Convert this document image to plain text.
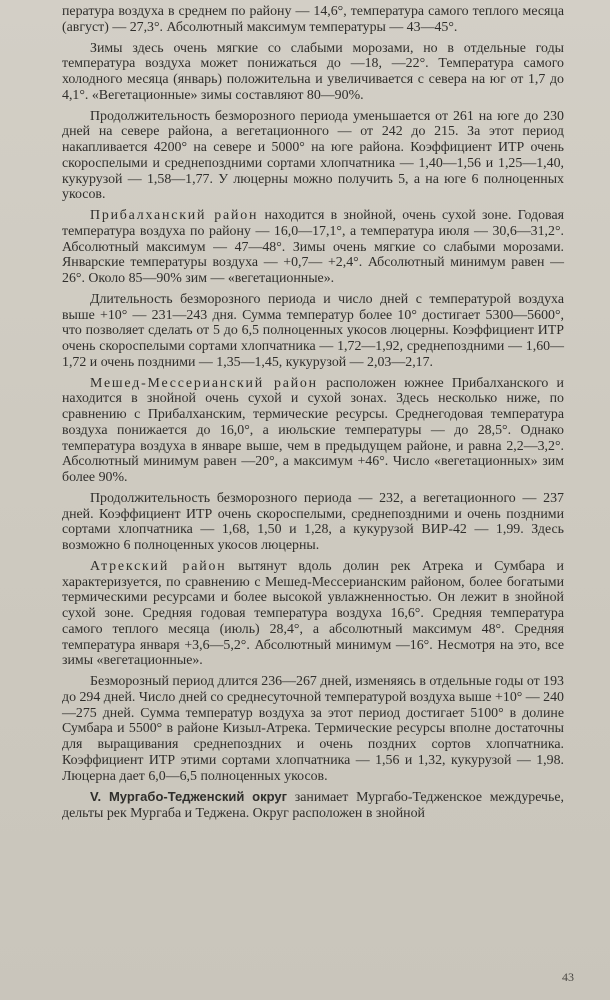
пература воздуха в среднем по району — 14,6°, температура самого теплого месяца (август) — 27,3°. Абсолютный максимум температуры — 43—45°.

Зимы здесь очень мягкие со слабыми морозами, но в отдельные годы температура воздуха может понижаться до —18, —22°. Температура самого холодного месяца (январь) положительна и увеличивается с севера на юг от 1,7 до 4,1°. «Вегетационные» зимы составляют 80—90%.

Продолжительность безморозного периода уменьшается от 261 на юге до 230 дней на севере района, а вегетационного — от 242 до 215. За этот период накапливается 4200° на севере и 5000° на юге района. Коэффициент ИТР очень скороспелыми и среднепоздними сортами хлопчатника — 1,40—1,56 и 1,25—1,40, кукурузой — 1,58—1,77. У люцерны можно получить 5, а на юге 6 полноценных укосов.

Прибалханский район находится в знойной, очень сухой зоне. Годовая температура воздуха по району — 16,0—17,1°, а температура июля — 30,6—31,2°. Абсолютный максимум — 47—48°. Зимы очень мягкие со слабыми морозами. Январские температуры воздуха — +0,7— +2,4°. Абсолютный минимум равен — 26°. Около 85—90% зим — «вегетационные».

Длительность безморозного периода и число дней с температурой воздуха выше +10° — 231—243 дня. Сумма температур более 10° достигает 5300—5600°, что позволяет сделать от 5 до 6,5 полноценных укосов люцерны. Коэффициент ИТР очень скороспелыми сортами хлопчатника — 1,72—1,92, среднепоздними — 1,60—1,72 и очень поздними — 1,35—1,45, кукурузой — 2,03—2,17.

Мешед-Мессерианский район расположен южнее Прибалханского и находится в знойной очень сухой и сухой зонах. Здесь несколько ниже, по сравнению с Прибалханским, термические ресурсы. Среднегодовая температура воздуха понижается до 16,0°, а июльские температуры — до 28,5°. Однако температура воздуха в январе выше, чем в предыдущем районе, и равна 2,2—3,2°. Абсолютный минимум равен —20°, а максимум +46°. Число «вегетационных» зим более 90%.

Продолжительность безморозного периода — 232, а вегетационного — 237 дней. Коэффициент ИТР очень скороспелыми, среднепоздними и очень поздними сортами хлопчатника — 1,68, 1,50 и 1,28, а кукурузой ВИР-42 — 1,99. Здесь возможно 6 полноценных укосов люцерны.

Атрекский район вытянут вдоль долин рек Атрека и Сумбара и характеризуется, по сравнению с Мешед-Мессерианским районом, более богатыми термическими ресурсами и более высокой увлажненностью. Он лежит в знойной сухой зоне. Средняя годовая температура воздуха 16,6°. Средняя температура самого теплого месяца (июль) 28,4°, а абсолютный максимум 48°. Средняя температура января +3,6—5,2°. Абсолютный минимум —16°. Несмотря на это, все зимы «вегетационные».

Безморозный период длится 236—267 дней, изменяясь в отдельные годы от 193 до 294 дней. Число дней со среднесуточной температурой воздуха выше +10° — 240—275 дней. Сумма температур воздуха за этот период достигает 5100° в долине Сумбара и 5500° в районе Кизыл-Атрека. Термические ресурсы вполне достаточны для выращивания среднепоздних и очень поздних сортов хлопчатника. Коэффициент ИТР этими сортами хлопчатника — 1,56 и 1,32, кукурузой — 1,98. Люцерна дает 6,0—6,5 полноценных укосов.

V. Мургабо-Тедженский округ занимает Мургабо-Тедженское междуречье, дельты рек Мургаба и Теджена. Округ расположен в знойной

43
